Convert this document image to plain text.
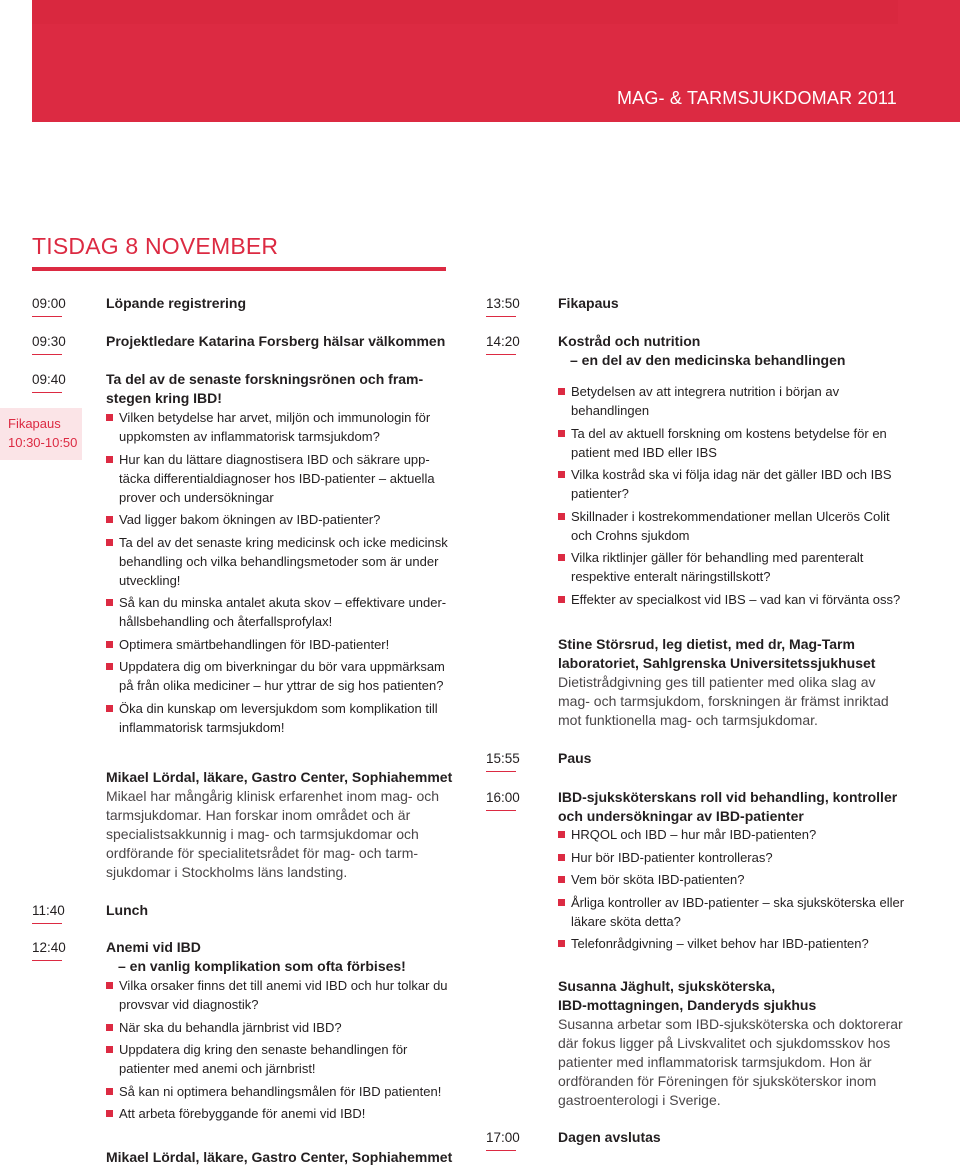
MAG- & TARMSJUKDOMAR 2011
TISDAG 8 NOVEMBER
Fikapaus
10:30-10:50
09:00	Löpande registrering
09:30	Projektledare Katarina Forsberg hälsar välkommen
09:40	Ta del av de senaste forskningsrönen och fram-
stegen kring IBD!
Vilken betydelse har arvet, miljön och immunologin för uppkomsten av inflammatorisk tarmsjukdom?
Hur kan du lättare diagnostisera IBD och säkrare upp-täcka differentialdiagnoser hos IBD-patienter – aktuella prover och undersökningar
Vad ligger bakom ökningen av IBD-patienter?
Ta del av det senaste kring medicinsk och icke medicinsk behandling och vilka behandlingsmetoder som är under utveckling!
Så kan du minska antalet akuta skov – effektivare under-hållsbehandling och återfallsprofylax!
Optimera smärtbehandlingen för IBD-patienter!
Uppdatera dig om biverkningar du bör vara uppmärksam på från olika mediciner – hur yttrar de sig hos patienten?
Öka din kunskap om leversjukdom som komplikation till inflammatorisk tarmsjukdom!
Mikael Lördal, läkare, Gastro Center, Sophiahemmet
Mikael har mångårig klinisk erfarenhet inom mag- och tarmsjukdomar. Han forskar inom området och är specialistsakkunnig i mag- och tarmsjukdomar och ordförande för specialitetsrådet för mag- och tarm-sjukdomar i Stockholms läns landsting.
11:40	Lunch
12:40	Anemi vid IBD
– en vanlig komplikation som ofta förbises!
Vilka orsaker finns det till anemi vid IBD och hur tolkar du provsvar vid diagnostik?
När ska du behandla järnbrist vid IBD?
Uppdatera dig kring den senaste behandlingen för patienter med anemi och järnbrist!
Så kan ni optimera behandlingsmålen för IBD patienten!
Att arbeta förebyggande för anemi vid IBD!
Mikael Lördal, läkare, Gastro Center, Sophiahemmet
13:50	Fikapaus
14:20	Kostråd och nutrition
– en del av den medicinska behandlingen
Betydelsen av att integrera nutrition i början av behandlingen
Ta del av aktuell forskning om kostens betydelse för en patient med IBD eller IBS
Vilka kostråd ska vi följa idag när det gäller IBD och IBS patienter?
Skillnader i kostrekommendationer mellan Ulcerös Colit och Crohns sjukdom
Vilka riktlinjer gäller för behandling med parenteralt respektive enteralt näringstillskott?
Effekter av specialkost vid IBS – vad kan vi förvänta oss?
Stine Störsrud, leg dietist, med dr, Mag-Tarm
laboratoriet, Sahlgrenska Universitetssjukhuset
Dietistrådgivning ges till patienter med olika slag av mag- och tarmsjukdom, forskningen är främst inriktad mot funktionella mag- och tarmsjukdomar.
15:55	Paus
16:00	IBD-sjuksköterskans roll vid behandling, kontroller
och undersökningar av IBD-patienter
HRQOL och IBD – hur mår IBD-patienten?
Hur bör IBD-patienter kontrolleras?
Vem bör sköta IBD-patienten?
Årliga kontroller av IBD-patienter – ska sjuksköterska eller läkare sköta detta?
Telefonrådgivning – vilket behov har IBD-patienten?
Susanna Jäghult, sjuksköterska,
IBD-mottagningen, Danderyds sjukhus
Susanna arbetar som IBD-sjuksköterska och doktorerar där fokus ligger på Livskvalitet och sjukdomsskov hos patienter med inflammatorisk tarmsjukdom. Hon är ordföranden för Föreningen för sjuksköterskor inom gastroenterologi i Sverige.
17:00	Dagen avslutas
